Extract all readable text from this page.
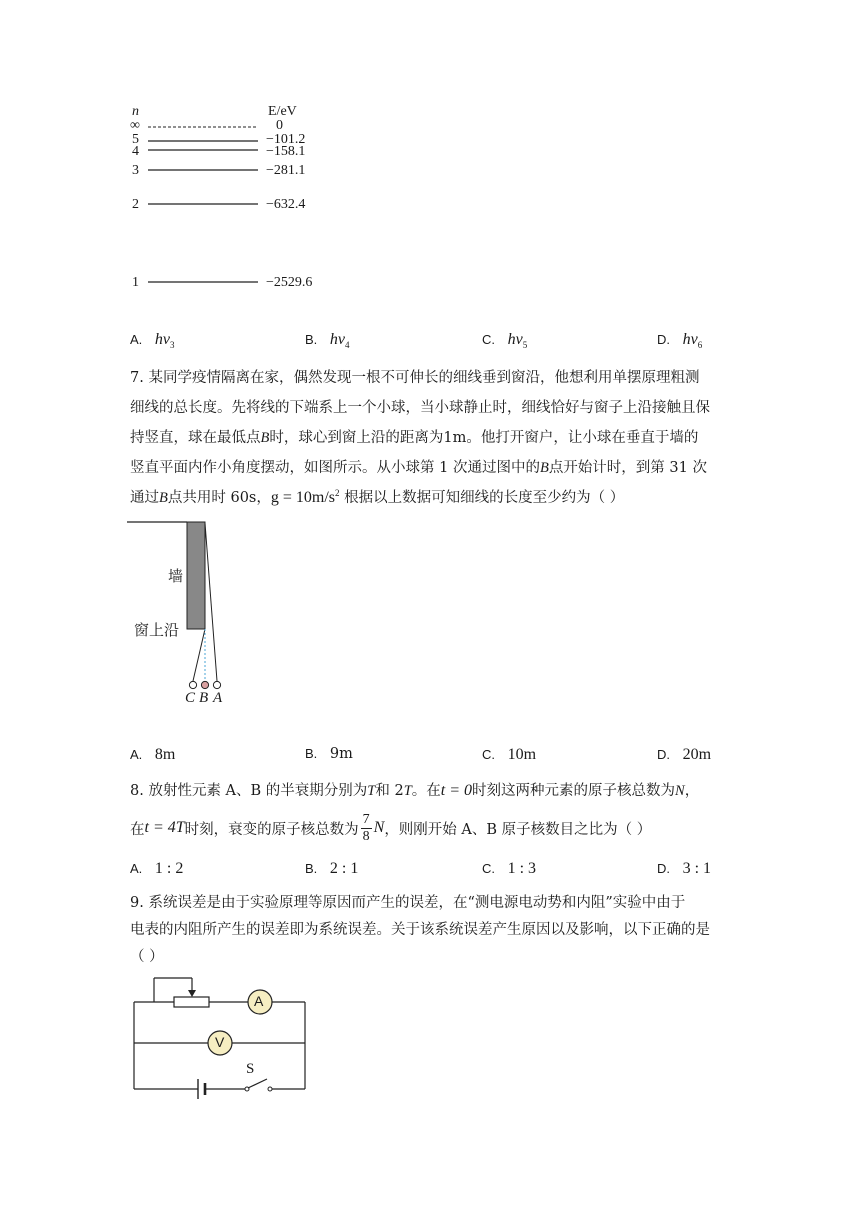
n	E/eV
∞	0
5	−101.2
4	−158.1
3	−281.1
2	−632.4
1	−2529.6
A. $h\nu_3$	B. $h\nu_4$	C. $h\nu_5$	D. $h\nu_6$
7. 某同学疫情隔离在家，偶然发现一根不可伸长的细线垂到窗沿，他想利用单摆原理粗测
细线的总长度。先将线的下端系上一个小球，当小球静止时，细线恰好与窗子上沿接触且保
持竖直，球在最低点B时，球心到窗上沿的距离为1m。他打开窗户，让小球在垂直于墙的
竖直平面内作小角度摆动，如图所示。从小球第 1 次通过图中的B点开始计时，到第 31 次
通过B点共用时 60s，$g = 10m/s^2$ 根据以上数据可知细线的长度至少约为（ ）
墙
窗上沿
C B A
A. 8m	B. 9m	C. 10m	D. 20m
8. 放射性元素 A、B 的半衰期分别为T和 2T。在t = 0时刻这两种元素的原子核总数为N，
在 t = 4T 时刻，衰变的原子核总数为
7
8 N ，则刚开始 A、B 原子核数目之比为（ ）
A. 1 : 2	B. 2 : 1	C. 1 : 3	D. 3 : 1
9. 系统误差是由于实验原理等原因而产生的误差，在“测电源电动势和内阻”实验中由于
电表的内阻所产生的误差即为系统误差。关于该系统误差产生原因以及影响，以下正确的是
（ ）
A
V
S
